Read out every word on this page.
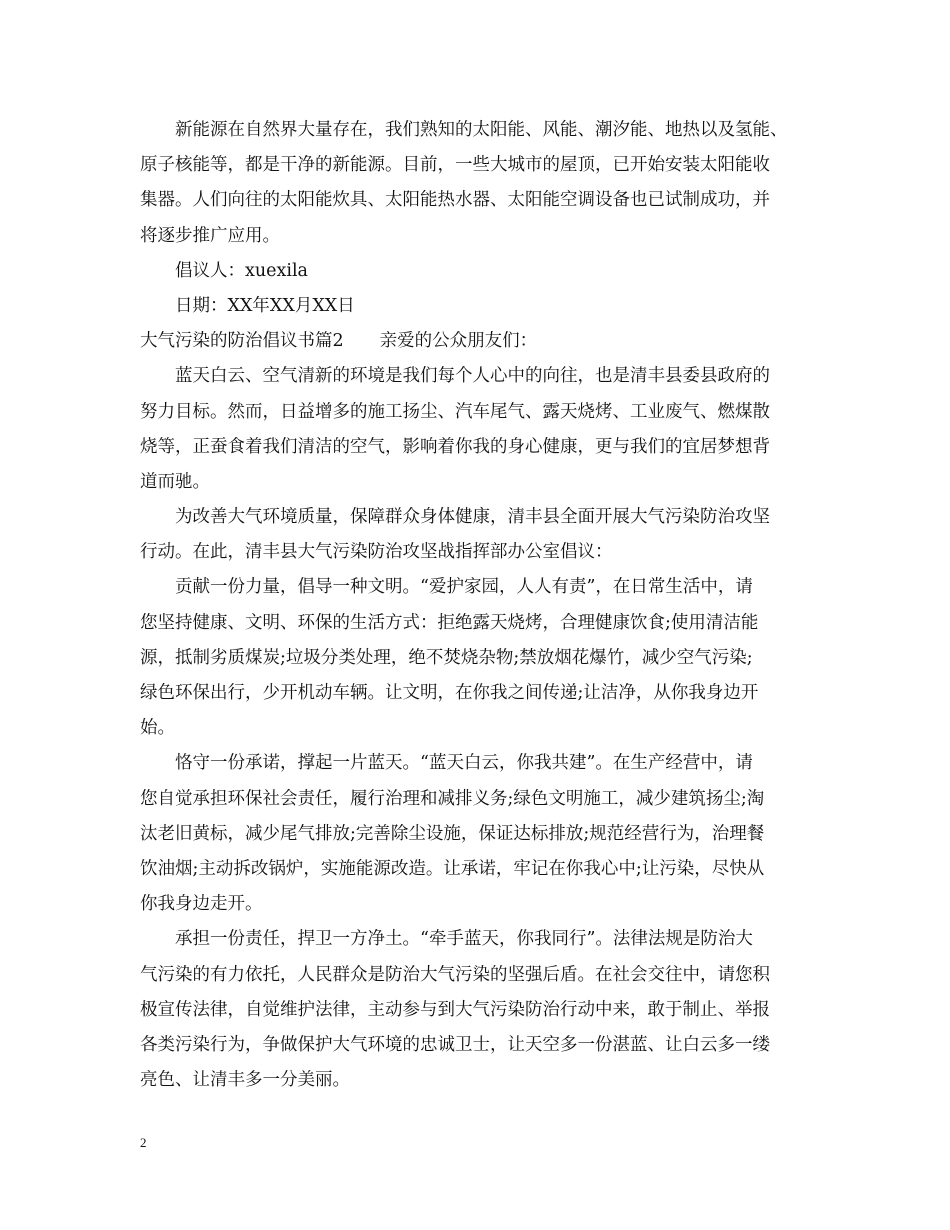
新能源在自然界大量存在，我们熟知的太阳能、风能、潮汐能、地热以及氢能、
原子核能等，都是干净的新能源。目前，一些大城市的屋顶，已开始安装太阳能收
集器。人们向往的太阳能炊具、太阳能热水器、太阳能空调设备也已试制成功，并
将逐步推广应用。
倡议人：xuexila
日期：XX年XX月XX日
大气污染的防治倡议书篇2 亲爱的公众朋友们：
蓝天白云、空气清新的环境是我们每个人心中的向往，也是清丰县委县政府的
努力目标。然而，日益增多的施工扬尘、汽车尾气、露天烧烤、工业废气、燃煤散
烧等，正蚕食着我们清洁的空气，影响着你我的身心健康，更与我们的宜居梦想背
道而驰。
为改善大气环境质量，保障群众身体健康，清丰县全面开展大气污染防治攻坚
行动。在此，清丰县大气污染防治攻坚战指挥部办公室倡议：
贡献一份力量，倡导一种文明。“爱护家园，人人有责”，在日常生活中，请
您坚持健康、文明、环保的生活方式：拒绝露天烧烤，合理健康饮食;使用清洁能
源，抵制劣质煤炭;垃圾分类处理，绝不焚烧杂物;禁放烟花爆竹，减少空气污染;
绿色环保出行，少开机动车辆。让文明，在你我之间传递;让洁净，从你我身边开
始。
恪守一份承诺，撑起一片蓝天。“蓝天白云，你我共建”。在生产经营中，请
您自觉承担环保社会责任，履行治理和减排义务;绿色文明施工，减少建筑扬尘;淘
汰老旧黄标，减少尾气排放;完善除尘设施，保证达标排放;规范经营行为，治理餐
饮油烟;主动拆改锅炉，实施能源改造。让承诺，牢记在你我心中;让污染，尽快从
你我身边走开。
承担一份责任，捍卫一方净土。“牵手蓝天，你我同行”。法律法规是防治大
气污染的有力依托，人民群众是防治大气污染的坚强后盾。在社会交往中，请您积
极宣传法律，自觉维护法律，主动参与到大气污染防治行动中来，敢于制止、举报
各类污染行为，争做保护大气环境的忠诚卫士，让天空多一份湛蓝、让白云多一缕
亮色、让清丰多一分美丽。
2
